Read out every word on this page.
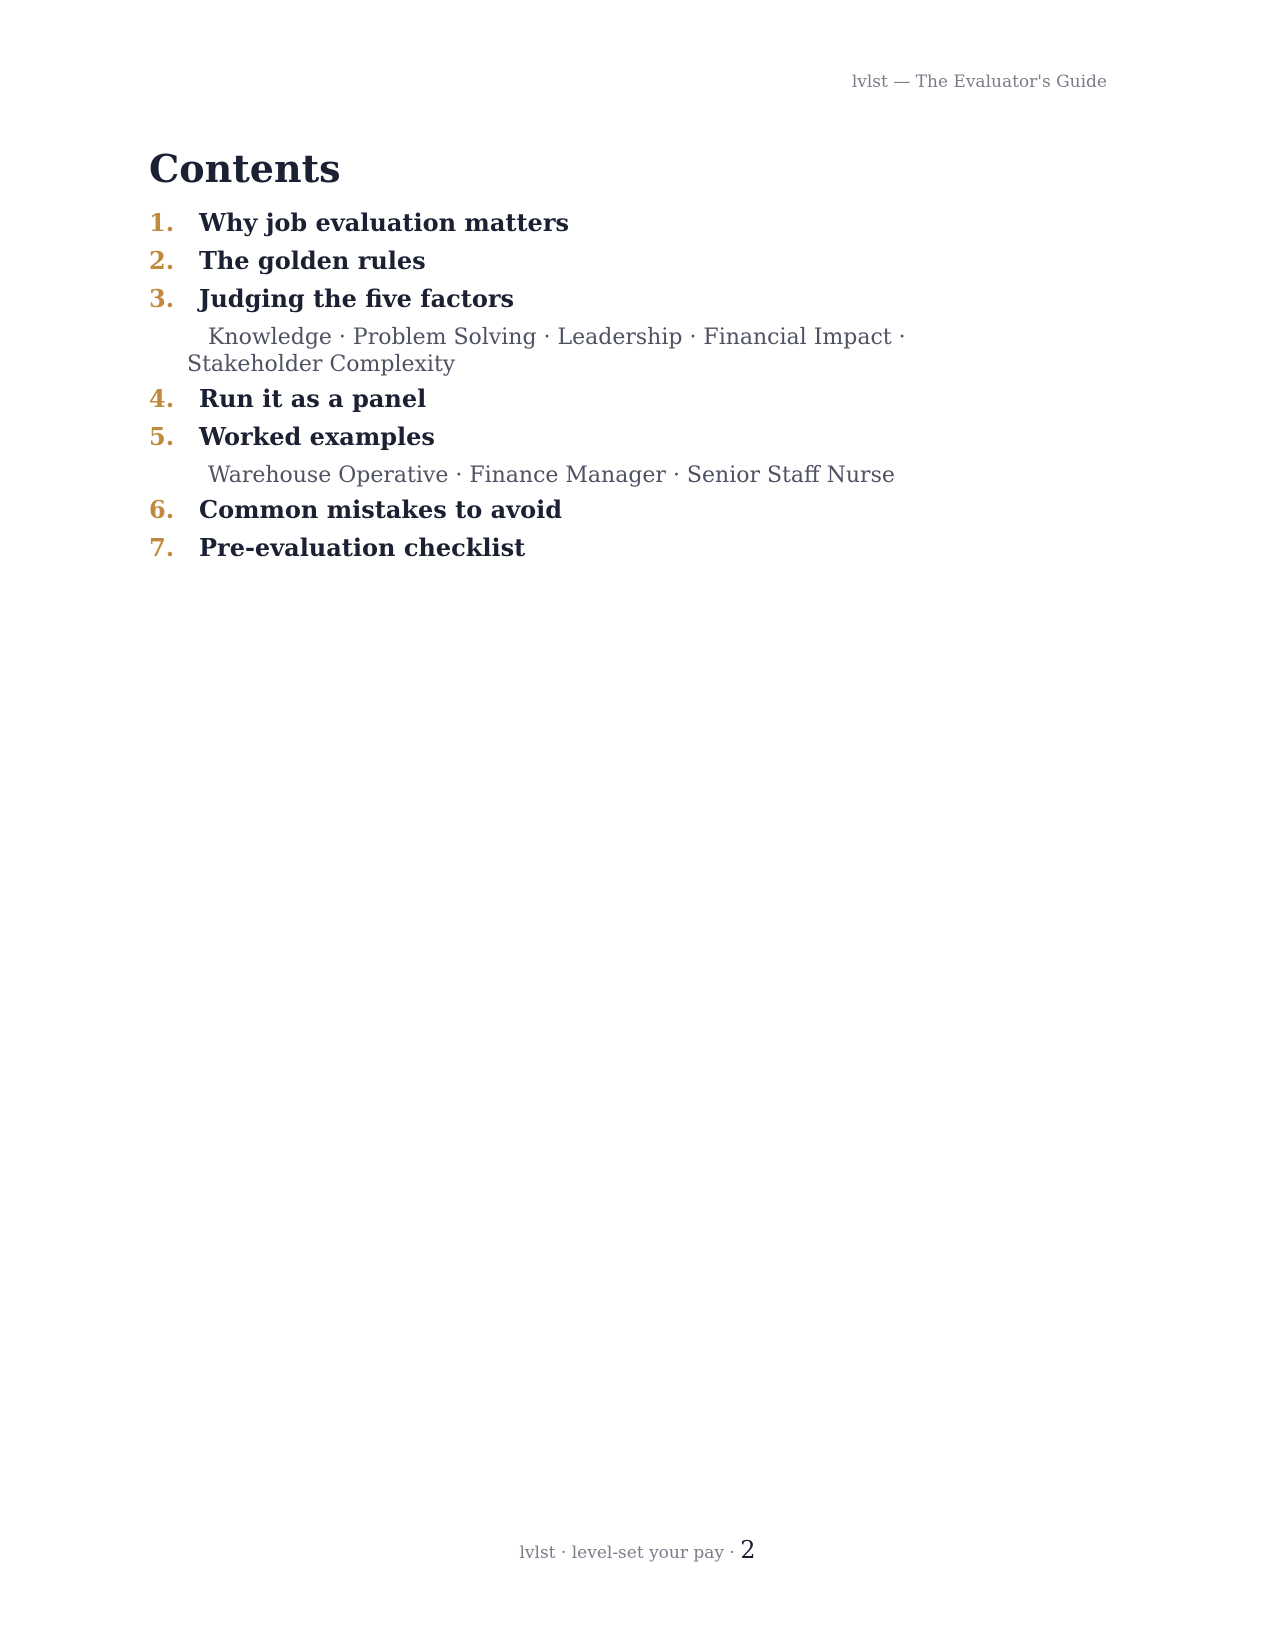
lvlst — The Evaluator's Guide
Contents
1.	Why job evaluation matters
2.	The golden rules
3.	Judging the five factors
Knowledge · Problem Solving · Leadership · Financial Impact · Stakeholder Complexity
4.	Run it as a panel
5.	Worked examples
Warehouse Operative · Finance Manager · Senior Staff Nurse
6.	Common mistakes to avoid
7.	Pre-evaluation checklist
lvlst · level-set your pay · 2
